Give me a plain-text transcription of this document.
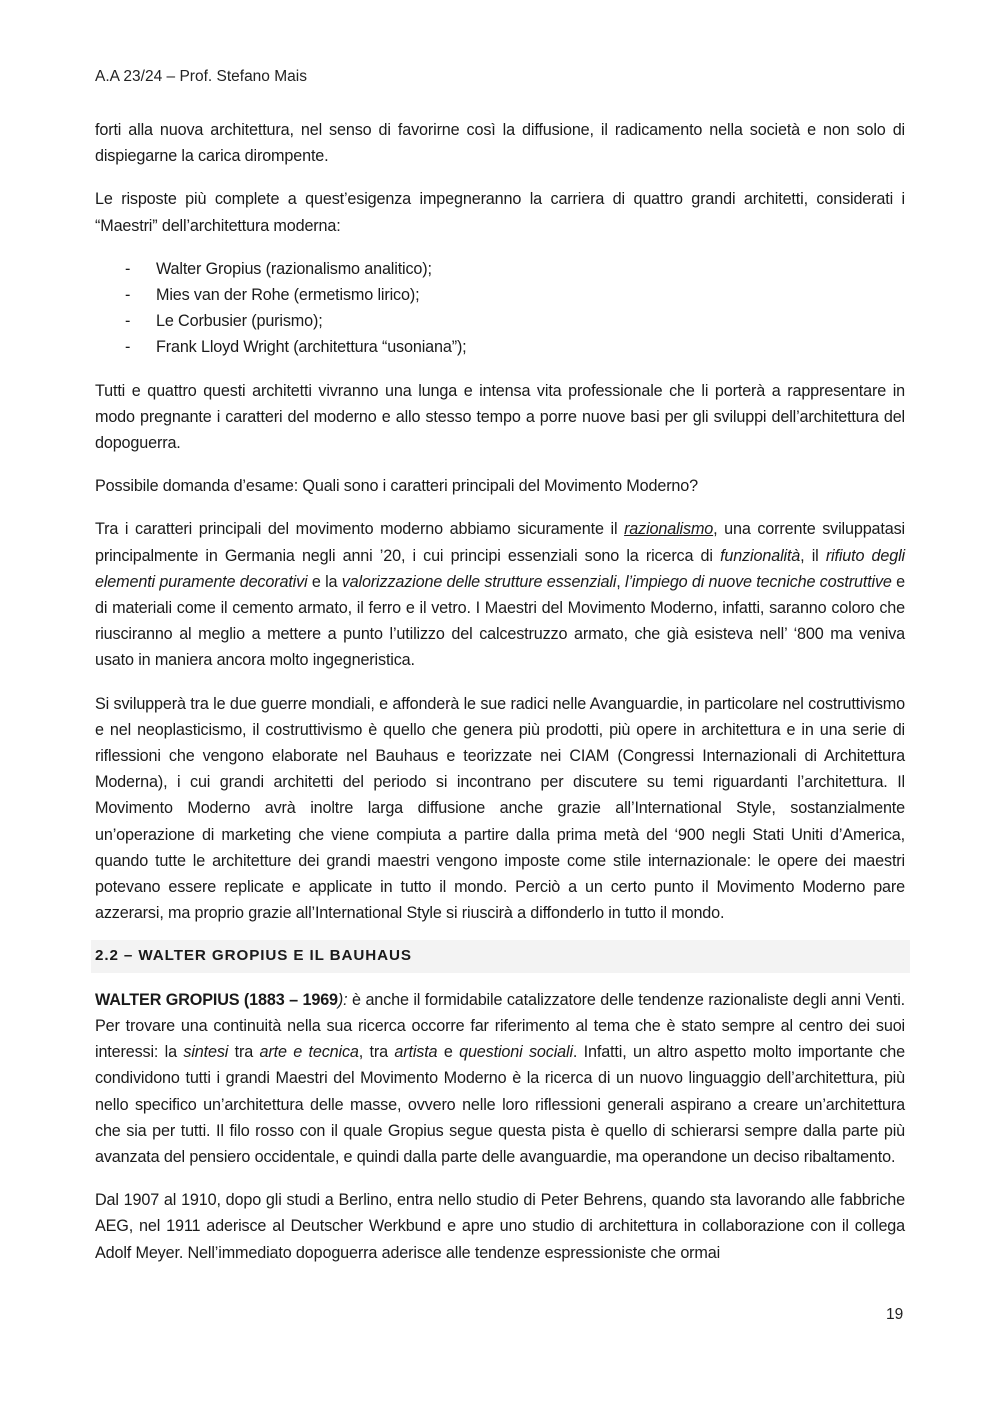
A.A 23/24 – Prof. Stefano Mais

forti alla nuova architettura, nel senso di favorirne così la diffusione, il radicamento nella società e non solo di dispiegarne la carica dirompente.

Le risposte più complete a quest’esigenza impegneranno la carriera di quattro grandi architetti, considerati i “Maestri” dell’architettura moderna:

- Walter Gropius (razionalismo analitico);
- Mies van der Rohe (ermetismo lirico);
- Le Corbusier (purismo);
- Frank Lloyd Wright (architettura “usoniana”);

Tutti e quattro questi architetti vivranno una lunga e intensa vita professionale che li porterà a rappresentare in modo pregnante i caratteri del moderno e allo stesso tempo a porre nuove basi per gli sviluppi dell’architettura del dopoguerra.

Possibile domanda d’esame: Quali sono i caratteri principali del Movimento Moderno?

Tra i caratteri principali del movimento moderno abbiamo sicuramente il razionalismo, una corrente sviluppatasi principalmente in Germania negli anni ’20, i cui principi essenziali sono la ricerca di funzionalità, il rifiuto degli elementi puramente decorativi e la valorizzazione delle strutture essenziali, l’impiego di nuove tecniche costruttive e di materiali come il cemento armato, il ferro e il vetro. I Maestri del Movimento Moderno, infatti, saranno coloro che riusciranno al meglio a mettere a punto l’utilizzo del calcestruzzo armato, che già esisteva nell’ ‘800 ma veniva usato in maniera ancora molto ingegneristica.

Si svilupperà tra le due guerre mondiali, e affonderà le sue radici nelle Avanguardie, in particolare nel costruttivismo e nel neoplasticismo, il costruttivismo è quello che genera più prodotti, più opere in architettura e in una serie di riflessioni che vengono elaborate nel Bauhaus e teorizzate nei CIAM (Congressi Internazionali di Architettura Moderna), i cui grandi architetti del periodo si incontrano per discutere su temi riguardanti l’architettura. Il Movimento Moderno avrà inoltre larga diffusione anche grazie all’International Style, sostanzialmente un’operazione di marketing che viene compiuta a partire dalla prima metà del ‘900 negli Stati Uniti d’America, quando tutte le architetture dei grandi maestri vengono imposte come stile internazionale: le opere dei maestri potevano essere replicate e applicate in tutto il mondo. Perciò a un certo punto il Movimento Moderno pare azzerarsi, ma proprio grazie all’International Style si riuscirà a diffonderlo in tutto il mondo.

2.2 – WALTER GROPIUS E IL BAUHAUS

WALTER GROPIUS (1883 – 1969): è anche il formidabile catalizzatore delle tendenze razionaliste degli anni Venti. Per trovare una continuità nella sua ricerca occorre far riferimento al tema che è stato sempre al centro dei suoi interessi: la sintesi tra arte e tecnica, tra artista e questioni sociali. Infatti, un altro aspetto molto importante che condividono tutti i grandi Maestri del Movimento Moderno è la ricerca di un nuovo linguaggio dell’architettura, più nello specifico un’architettura delle masse, ovvero nelle loro riflessioni generali aspirano a creare un’architettura che sia per tutti. Il filo rosso con il quale Gropius segue questa pista è quello di schierarsi sempre dalla parte più avanzata del pensiero occidentale, e quindi dalla parte delle avanguardie, ma operandone un deciso ribaltamento.

Dal 1907 al 1910, dopo gli studi a Berlino, entra nello studio di Peter Behrens, quando sta lavorando alle fabbriche AEG, nel 1911 aderisce al Deutscher Werkbund e apre uno studio di architettura in collaborazione con il collega Adolf Meyer. Nell’immediato dopoguerra aderisce alle tendenze espressioniste che ormai

19
